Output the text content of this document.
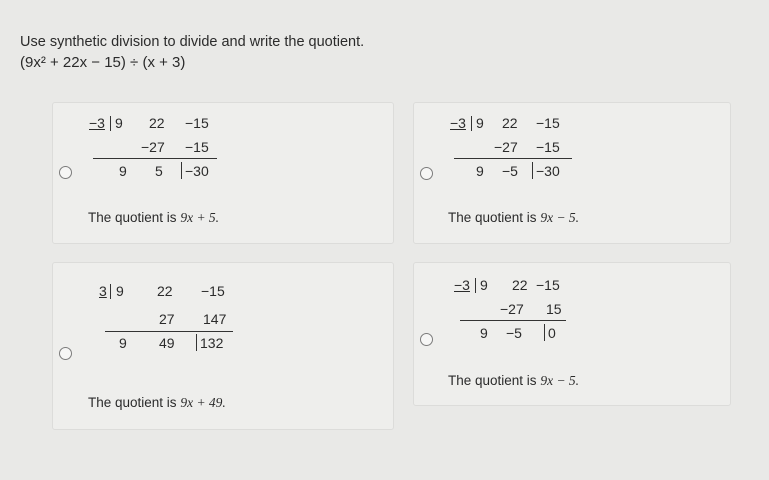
Use synthetic division to divide and write the quotient.
(9x² + 22x − 15) ÷ (x + 3)
−3 9 22 −15
−27 −15
9 5 −30
The quotient is 9x + 5.
−3 9 22 −15
−27 −15
9 −5 −30
The quotient is 9x − 5.
3 9 22 −15
27 147
9 49 132
The quotient is 9x + 49.
−3 9 22 −15
−27 15
9 −5 0
The quotient is 9x − 5.
